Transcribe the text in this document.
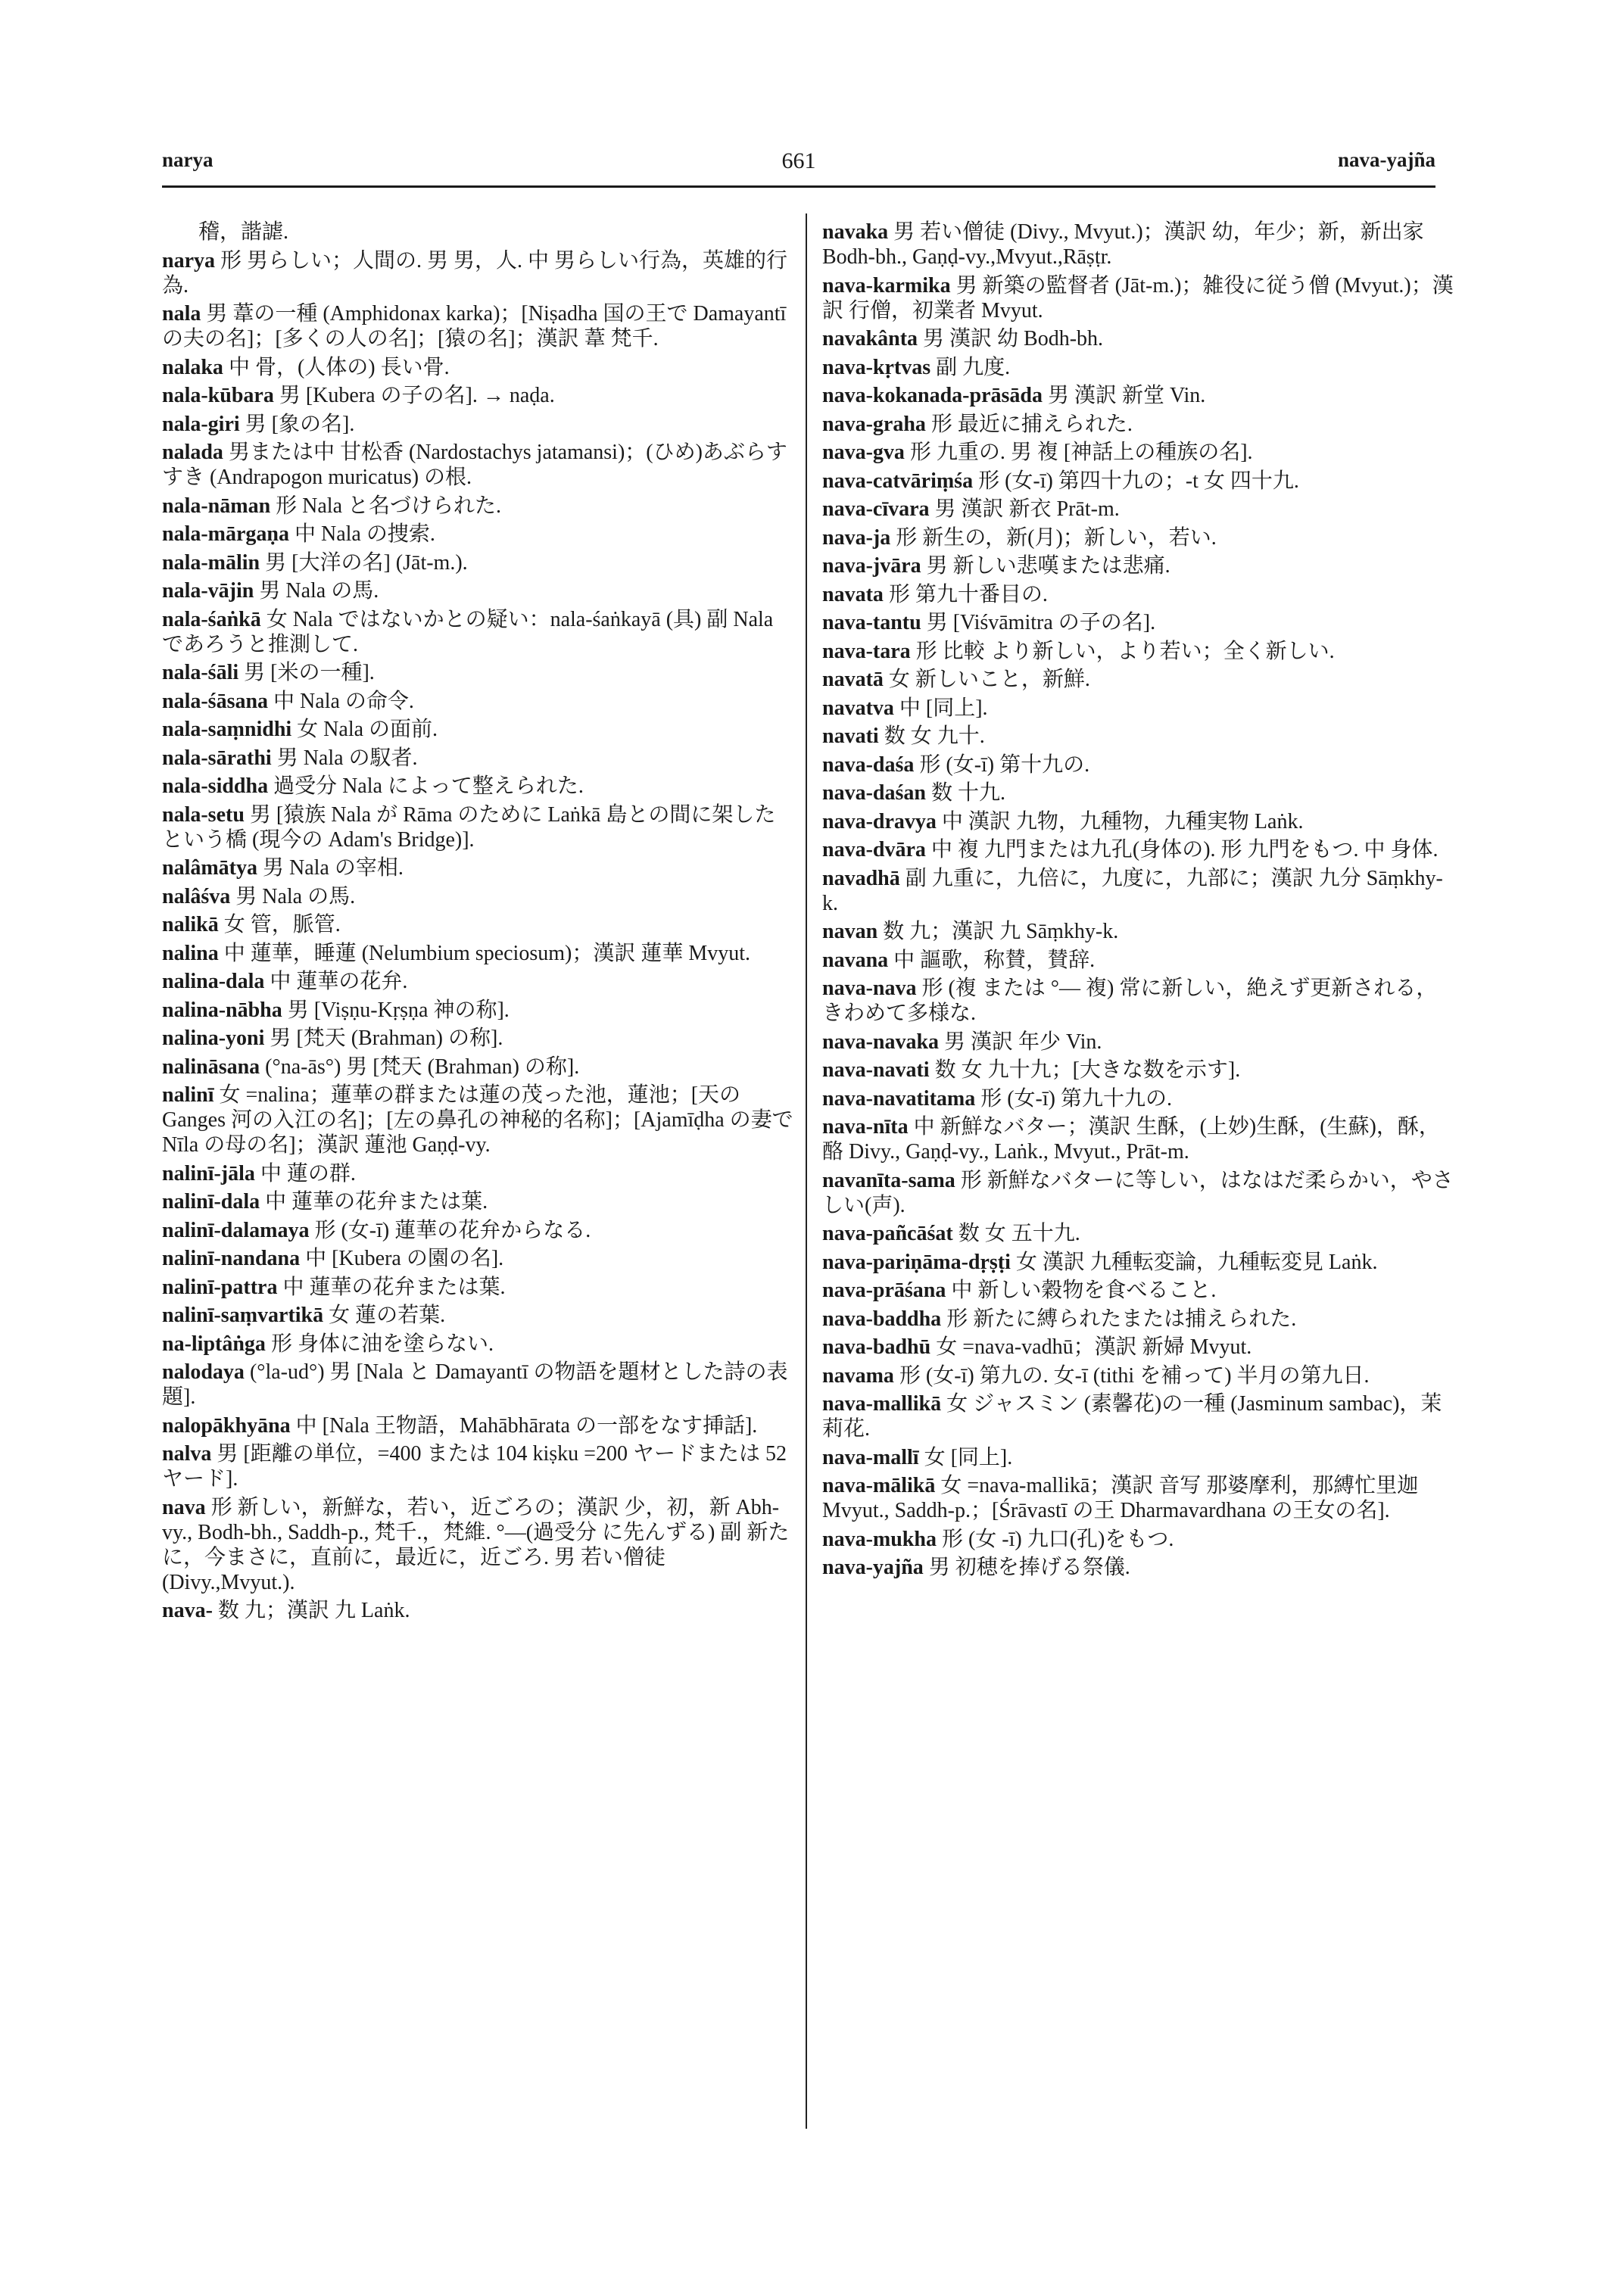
narya	661	nava-yajña
稽，諧謔.
narya 形 男らしい；人間の. 男 男，人. 中 男らしい行為，英雄的行為.
nala 男 葦の一種 (Amphidonax karka)；[Niṣadha 国の王で Damayantī の夫の名]；[多くの人の名]；[猿の名]；漢訳 葦 梵千.
nalaka 中 骨，(人体の) 長い骨.
nala-kūbara 男 [Kubera の子の名]. → naḍa.
nala-giri 男 [象の名].
nalada 男または中 甘松香 (Nardostachys jatamansi)；(ひめ)あぶらすすき (Andrapogon muricatus) の根.
nala-nāman 形 Nala と名づけられた.
nala-mārgaṇa 中 Nala の捜索.
nala-mālin 男 [大洋の名] (Jāt-m.).
nala-vājin 男 Nala の馬.
nala-śaṅkā 女 Nala ではないかとの疑い：nala-śaṅkayā (具) 副 Nala であろうと推測して.
nala-śāli 男 [米の一種].
nala-śāsana 中 Nala の命令.
nala-saṃnidhi 女 Nala の面前.
nala-sārathi 男 Nala の馭者.
nala-siddha 過受分 Nala によって整えられた.
nala-setu 男 [猿族 Nala が Rāma のために Laṅkā 島との間に架したという橋 (現今の Adam's Bridge)].
nalâmātya 男 Nala の宰相.
nalâśva 男 Nala の馬.
nalikā 女 管，脈管.
nalina 中 蓮華，睡蓮 (Nelumbium speciosum)；漢訳 蓮華 Mvyut.
nalina-dala 中 蓮華の花弁.
nalina-nābha 男 [Viṣṇu-Kṛṣṇa 神の称].
nalina-yoni 男 [梵天 (Brahman) の称].
nalināsana (°na-ās°) 男 [梵天 (Brahman) の称].
nalinī 女 =nalina；蓮華の群または蓮の茂った池，蓮池；[天の Ganges 河の入江の名]；[左の鼻孔の神秘的名称]；[Ajamīḍha の妻で Nīla の母の名]；漢訳 蓮池 Gaṇḍ-vy.
nalinī-jāla 中 蓮の群.
nalinī-dala 中 蓮華の花弁または葉.
nalinī-dalamaya 形 (女-ī) 蓮華の花弁からなる.
nalinī-nandana 中 [Kubera の園の名].
nalinī-pattra 中 蓮華の花弁または葉.
nalinī-saṃvartikā 女 蓮の若葉.
na-liptâṅga 形 身体に油を塗らない.
nalodaya (°la-ud°) 男 [Nala と Damayantī の物語を題材とした詩の表題].
nalopākhyāna 中 [Nala 王物語，Mahābhārata の一部をなす挿話].
nalva 男 [距離の単位，=400 または 104 kiṣku =200 ヤードまたは 52ヤード].
nava 形 新しい，新鮮な，若い，近ごろの；漢訳 少，初，新 Abh-vy., Bodh-bh., Saddh-p., 梵千.，梵維. °—(過受分 に先んずる) 副 新たに，今まさに，直前に，最近に，近ごろ. 男 若い僧徒 (Divy.,Mvyut.).
nava- 数 九；漢訳 九 Laṅk.
navaka 男 若い僧徒 (Divy., Mvyut.)；漢訳 幼，年少；新，新出家 Bodh-bh., Gaṇḍ-vy.,Mvyut.,Rāṣṭr.
nava-karmika 男 新築の監督者 (Jāt-m.)；雑役に従う僧 (Mvyut.)；漢訳 行僧，初業者 Mvyut.
navakânta 男 漢訳 幼 Bodh-bh.
nava-kṛtvas 副 九度.
nava-kokanada-prāsāda 男 漢訳 新堂 Vin.
nava-graha 形 最近に捕えられた.
nava-gva 形 九重の. 男 複 [神話上の種族の名].
nava-catvāriṃśa 形 (女-ī) 第四十九の；-t 女 四十九.
nava-cīvara 男 漢訳 新衣 Prāt-m.
nava-ja 形 新生の，新(月)；新しい，若い.
nava-jvāra 男 新しい悲嘆または悲痛.
navata 形 第九十番目の.
nava-tantu 男 [Viśvāmitra の子の名].
nava-tara 形 比較 より新しい，より若い；全く新しい.
navatā 女 新しいこと，新鮮.
navatva 中 [同上].
navati 数 女 九十.
nava-daśa 形 (女-ī) 第十九の.
nava-daśan 数 十九.
nava-dravya 中 漢訳 九物，九種物，九種実物 Laṅk.
nava-dvāra 中 複 九門または九孔(身体の). 形 九門をもつ. 中 身体.
navadhā 副 九重に，九倍に，九度に，九部に；漢訳 九分 Sāṃkhy-k.
navan 数 九；漢訳 九 Sāṃkhy-k.
navana 中 謳歌，称賛，賛辞.
nava-nava 形 (複 または °— 複) 常に新しい，絶えず更新される，きわめて多様な.
nava-navaka 男 漢訳 年少 Vin.
nava-navati 数 女 九十九；[大きな数を示す].
nava-navatitama 形 (女-ī) 第九十九の.
nava-nīta 中 新鮮なバター；漢訳 生酥，(上妙)生酥，(生蘇)，酥，酪 Divy., Gaṇḍ-vy., Laṅk., Mvyut., Prāt-m.
navanīta-sama 形 新鮮なバターに等しい，はなはだ柔らかい，やさしい(声).
nava-pañcāśat 数 女 五十九.
nava-pariṇāma-dṛṣṭi 女 漢訳 九種転変論，九種転変見 Laṅk.
nava-prāśana 中 新しい穀物を食べること.
nava-baddha 形 新たに縛られたまたは捕えられた.
nava-badhū 女 =nava-vadhū；漢訳 新婦 Mvyut.
navama 形 (女-ī) 第九の. 女-ī (tithi を補って) 半月の第九日.
nava-mallikā 女 ジャスミン (素馨花)の一種 (Jasminum sambac)，茉莉花.
nava-mallī 女 [同上].
nava-mālikā 女 =nava-mallikā；漢訳 音写 那婆摩利，那縛忙里迦 Mvyut., Saddh-p.；[Śrāvastī の王 Dharmavardhana の王女の名].
nava-mukha 形 (女 -ī) 九口(孔)をもつ.
nava-yajña 男 初穂を捧げる祭儀.
